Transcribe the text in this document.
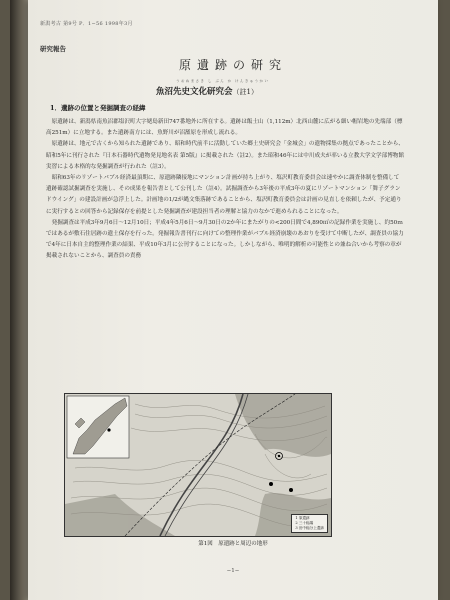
新潟考古 第9号 P．1−56 1998年3月
研究報告
原遺跡の研究
うおぬまさき し ぶん か けんきゅうかい
魚沼先史文化研究会（註1）
1．遺跡の位置と発掘調査の経緯

原遺跡は、新潟県南魚沼郡塩沢町大字姥島新田747番地外に所在する。遺跡は飯士山（1,112m）北西山麓に広がる細い帽岩地の先端部（標高251m）に立地する。また遺跡南方には、魚野川が沼濫原を形成し流れる。

原遺跡は、地元で古くから知られた遺跡であり、昭和時代前半に活動していた郷土史研究会「金城会」の遺物採集の拠点であったことから、昭和5年に刊行された『日本石器時代遺物発見地名表 第5版』に掲載された（註2）。また昭和46年には中川成夫が率いる立教大学文学部博物館実習による本格的な発掘調査が行われた（註3）。

昭和63年のリゾートバブル経済最頂期に、原遺跡隣接地にマンション計画が持ち上がり、塩沢町教育委員会は速やかに調査体制を整備して遺跡確認試掘調査を実施し、その成果を報告書として公刊した（註4）。試掘調査から3年後の平成3年の夏にリゾートマンション「舞子グランドウイング」の建設計画が急浮上した。計画地の1/2が縄文集落跡であることから、塩沢町教育委員会は計画の見直しを依頼したが、予定通りに実行するとの回答から記録保存を前提とした発掘調査が建設担当者の理解と協力のなかで進められることになった。

発掘調査は平成3年9月6日〜12月10日；平成4年5月6日〜9月30日の2か年にまたがりの<200日間で4,890㎡の記録作業を実施し、約50ｍではあるが敷石住居跡の遺土保存を行った。発掘報告書刊行に向けての整理作業がバブル経済崩壊のあおりを受けて中断したが、調査員の協力で4年に日本自主的整理作業の結果、平成10年3月に公刊することになった。しかしながら、唯明的解析の可能性との兼ね合いから考察の章が掲載されないことから、調査員の責務

1 原遺跡
2 三十稲場
3 田中稲分上遺跡
第1図　原遺跡と周辺の地形
−1−
